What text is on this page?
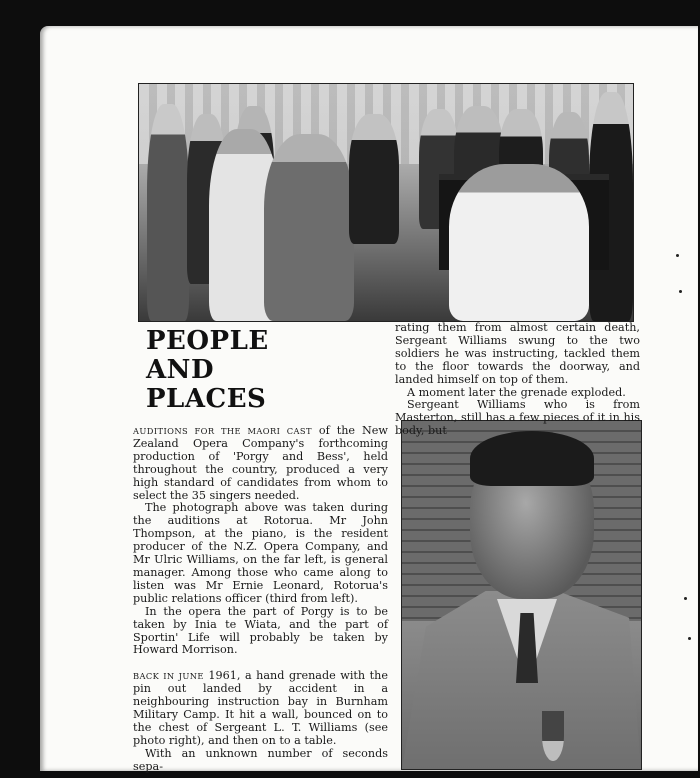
PEOPLE
AND
PLACES

AUDITIONS FOR THE MAORI CAST of the New Zealand Opera Company's forthcoming production of 'Porgy and Bess', held throughout the country, produced a very high standard of candidates from whom to select the 35 singers needed.

The photograph above was taken during the auditions at Rotorua. Mr John Thompson, at the piano, is the resident producer of the N.Z. Opera Company, and Mr Ulric Williams, on the far left, is general manager. Among those who came along to listen was Mr Ernie Leonard, Rotorua's public relations officer (third from left).

In the opera the part of Porgy is to be taken by Inia te Wiata, and the part of Sportin' Life will probably be taken by Howard Morrison.

BACK IN JUNE 1961, a hand grenade with the pin out landed by accident in a neighbouring instruction bay in Burnham Military Camp. It hit a wall, bounced on to the chest of Sergeant L. T. Williams (see photo right), and then on to a table.

With an unknown number of seconds sepa-

rating them from almost certain death, Sergeant Williams swung to the two soldiers he was instructing, tackled them to the floor towards the doorway, and landed himself on top of them.

A moment later the grenade exploded.

Sergeant Williams who is from Masterton, still has a few pieces of it in his body, but
